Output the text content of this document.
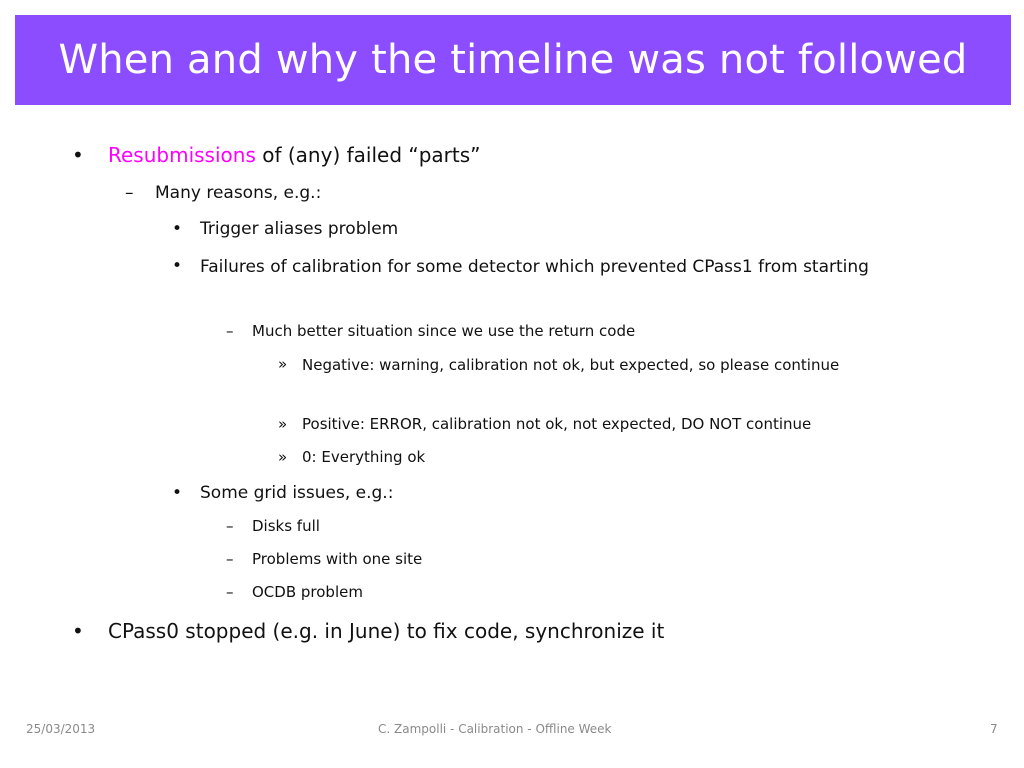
When and why the timeline was not followed
•	Resubmissions of (any) failed “parts”
–	Many reasons, e.g.:
•	Trigger aliases problem
•	Failures of calibration for some detector which prevented CPass1 from starting
–	Much better situation since we use the return code
» Negative: warning, calibration not ok, but expected, so please continue
» Positive: ERROR, calibration not ok, not expected, DO NOT continue
» 0: Everything ok
•	Some grid issues, e.g.:
–	Disks full
–	Problems with one site
–	OCDB problem
•	CPass0 stopped (e.g. in June) to fix code, synchronize it
25/03/2013	C. Zampolli - Calibration - Offline Week	7
